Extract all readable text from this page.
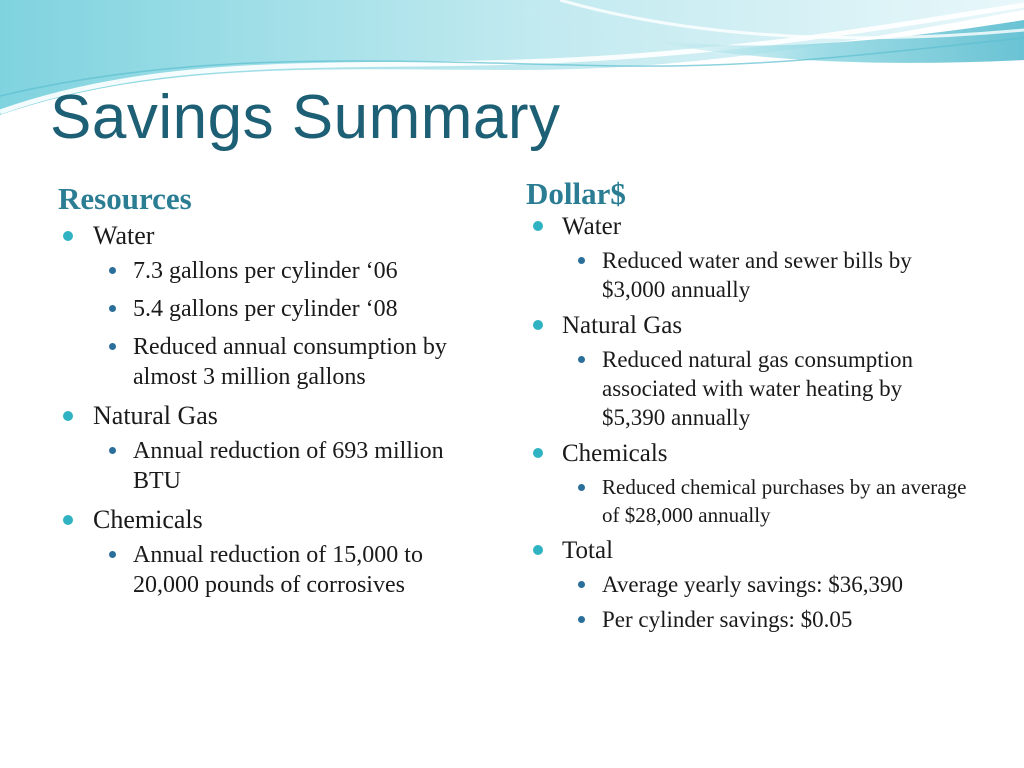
Savings Summary
Resources	Dollar$
Water
7.3 gallons per cylinder ‘06
5.4 gallons per cylinder ‘08
Reduced annual consumption by almost 3 million gallons
Natural Gas
Annual reduction of 693 million BTU
Chemicals
Annual reduction of 15,000 to 20,000 pounds of corrosives
Water
Reduced water and sewer bills by $3,000 annually
Natural Gas
Reduced natural gas consumption associated with water heating by $5,390 annually
Chemicals
Reduced chemical purchases by an average of $28,000 annually
Total
Average yearly savings: $36,390
Per cylinder savings: $0.05
